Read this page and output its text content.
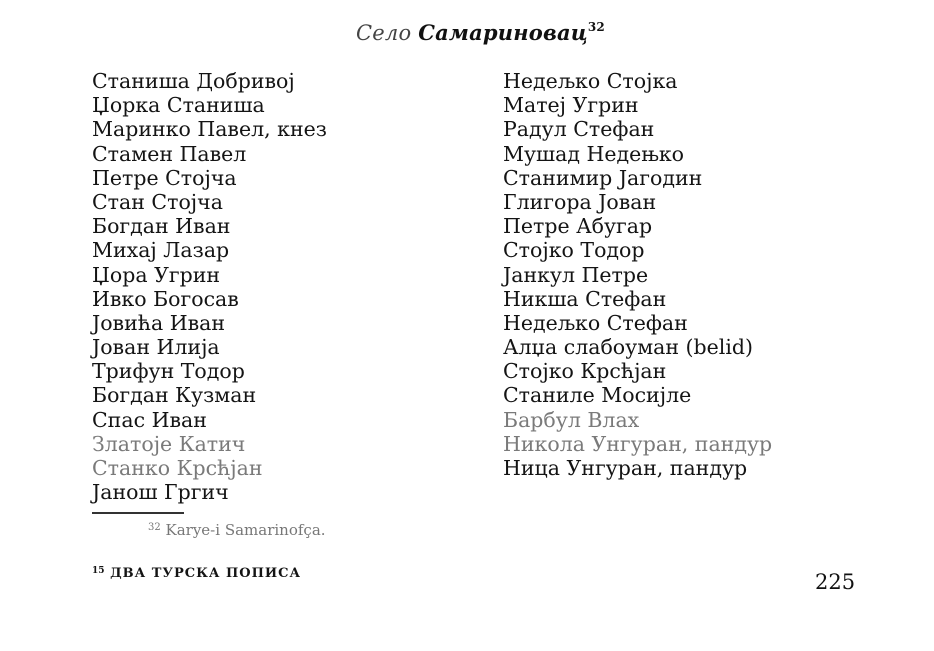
Село Самариновац$^{32}$
Станиша Добривој
Џорка Станиша
Маринко Павел, кнез
Стамен Павел
Петре Стојча
Стан Стојча
Богдан Иван
Михај Лазар
Џора Угрин
Ивко Богосав
Јовића Иван
Јован Илија
Трифун Тодор
Богдан Кузман
Спас Иван
Златоје Катич
Станко Крсћјан
Јанош Гргич
Недељко Стојка
Матеј Угрин
Радул Стефан
Мушад Недењко
Станимир Јагодин
Глигора Јован
Петре Абугар
Стојко Тодор
Јанкул Петре
Никша Стефан
Недељко Стефан
Алџа слабоуман (belid)
Стојко Крсћјан
Станиле Мосијле
Барбул Влах
Никола Унгуран, пандур
Ница Унгуран, пандур
$^{32}$ Karye-i Samarinofça.
$^{15}$ ДВА ТУРСКА ПОПИСА	225
